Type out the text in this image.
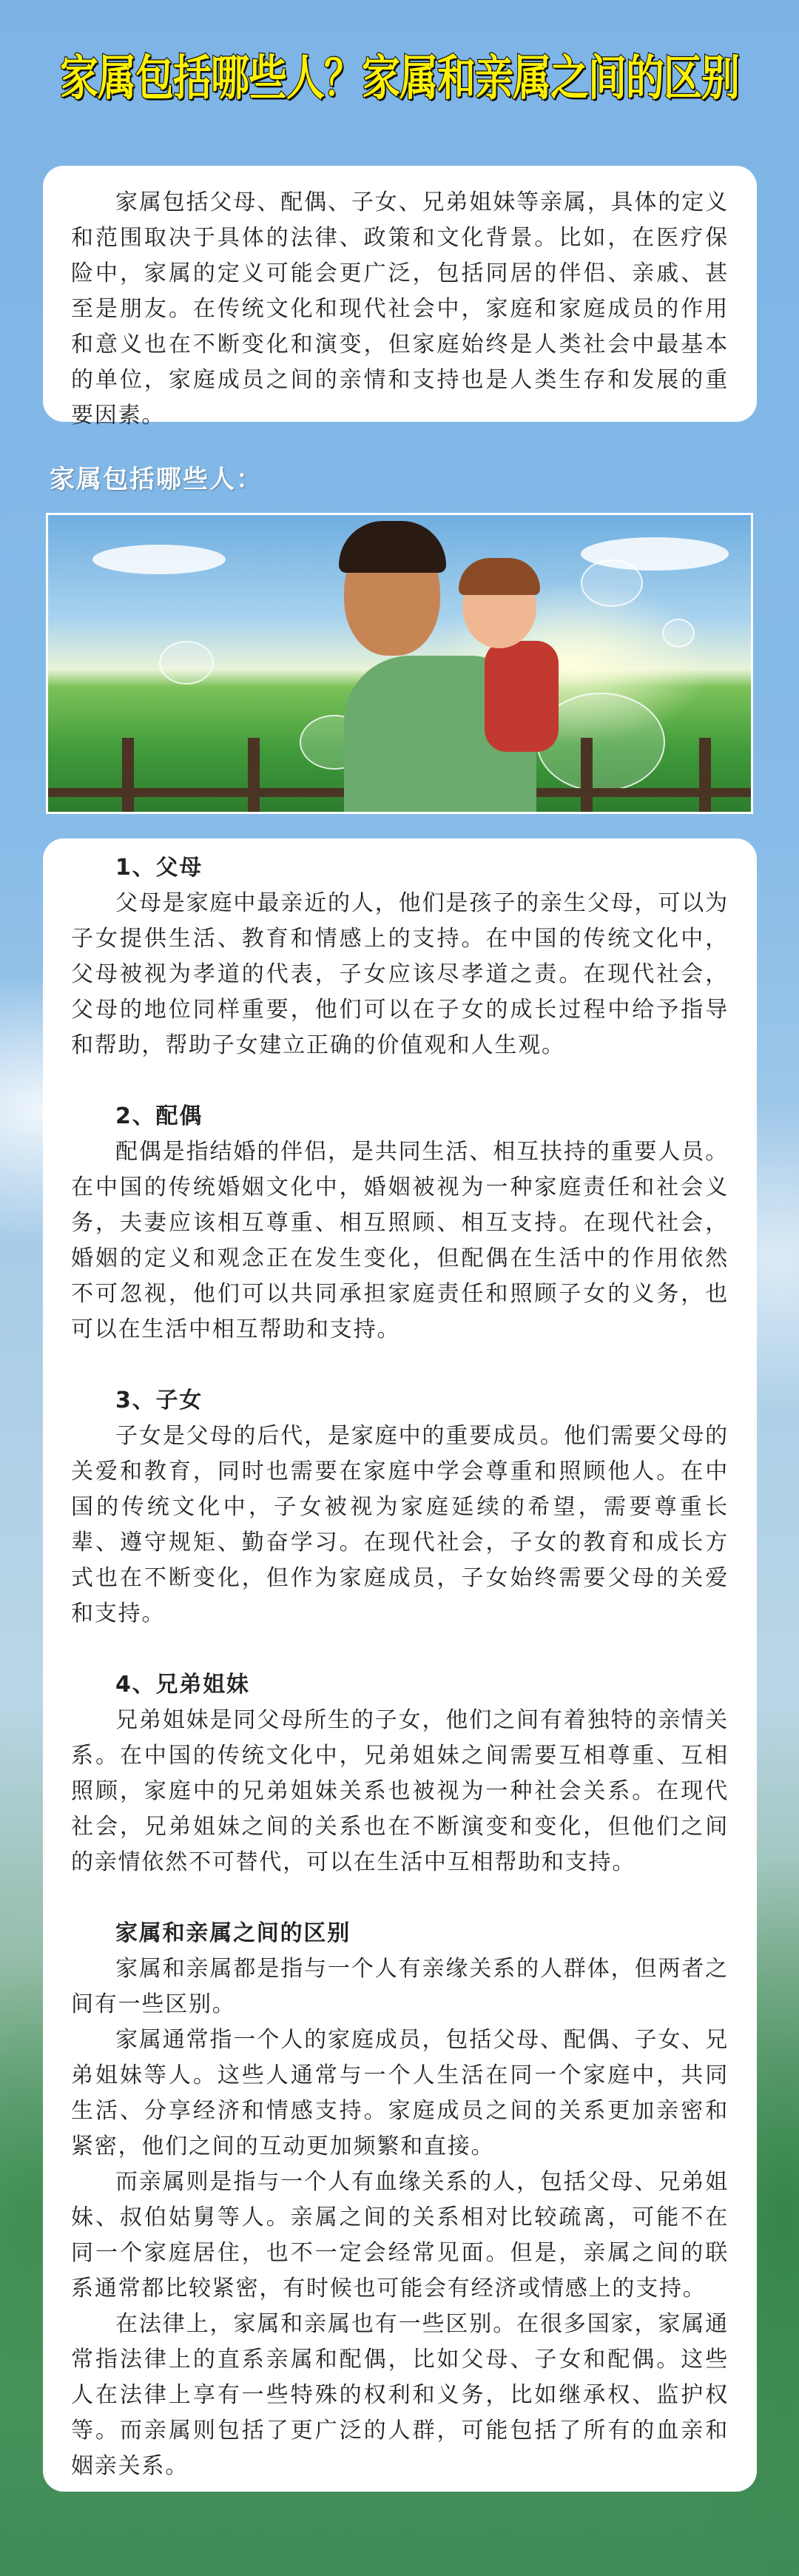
家属包括哪些人？家属和亲属之间的区别

家属包括父母、配偶、子女、兄弟姐妹等亲属，具体的定义和范围取决于具体的法律、政策和文化背景。比如，在医疗保险中，家属的定义可能会更广泛，包括同居的伴侣、亲戚、甚至是朋友。在传统文化和现代社会中，家庭和家庭成员的作用和意义也在不断变化和演变，但家庭始终是人类社会中最基本的单位，家庭成员之间的亲情和支持也是人类生存和发展的重要因素。

家属包括哪些人：
1、父母

父母是家庭中最亲近的人，他们是孩子的亲生父母，可以为子女提供生活、教育和情感上的支持。在中国的传统文化中，父母被视为孝道的代表，子女应该尽孝道之责。在现代社会，父母的地位同样重要，他们可以在子女的成长过程中给予指导和帮助，帮助子女建立正确的价值观和人生观。

2、配偶

配偶是指结婚的伴侣，是共同生活、相互扶持的重要人员。在中国的传统婚姻文化中，婚姻被视为一种家庭责任和社会义务，夫妻应该相互尊重、相互照顾、相互支持。在现代社会，婚姻的定义和观念正在发生变化，但配偶在生活中的作用依然不可忽视，他们可以共同承担家庭责任和照顾子女的义务，也可以在生活中相互帮助和支持。

3、子女

子女是父母的后代，是家庭中的重要成员。他们需要父母的关爱和教育，同时也需要在家庭中学会尊重和照顾他人。在中国的传统文化中，子女被视为家庭延续的希望，需要尊重长辈、遵守规矩、勤奋学习。在现代社会，子女的教育和成长方式也在不断变化，但作为家庭成员，子女始终需要父母的关爱和支持。

4、兄弟姐妹

兄弟姐妹是同父母所生的子女，他们之间有着独特的亲情关系。在中国的传统文化中，兄弟姐妹之间需要互相尊重、互相照顾，家庭中的兄弟姐妹关系也被视为一种社会关系。在现代社会，兄弟姐妹之间的关系也在不断演变和变化，但他们之间的亲情依然不可替代，可以在生活中互相帮助和支持。

家属和亲属之间的区别

家属和亲属都是指与一个人有亲缘关系的人群体，但两者之间有一些区别。

家属通常指一个人的家庭成员，包括父母、配偶、子女、兄弟姐妹等人。这些人通常与一个人生活在同一个家庭中，共同生活、分享经济和情感支持。家庭成员之间的关系更加亲密和紧密，他们之间的互动更加频繁和直接。

而亲属则是指与一个人有血缘关系的人，包括父母、兄弟姐妹、叔伯姑舅等人。亲属之间的关系相对比较疏离，可能不在同一个家庭居住，也不一定会经常见面。但是，亲属之间的联系通常都比较紧密，有时候也可能会有经济或情感上的支持。

在法律上，家属和亲属也有一些区别。在很多国家，家属通常指法律上的直系亲属和配偶，比如父母、子女和配偶。这些人在法律上享有一些特殊的权利和义务，比如继承权、监护权等。而亲属则包括了更广泛的人群，可能包括了所有的血亲和姻亲关系。
